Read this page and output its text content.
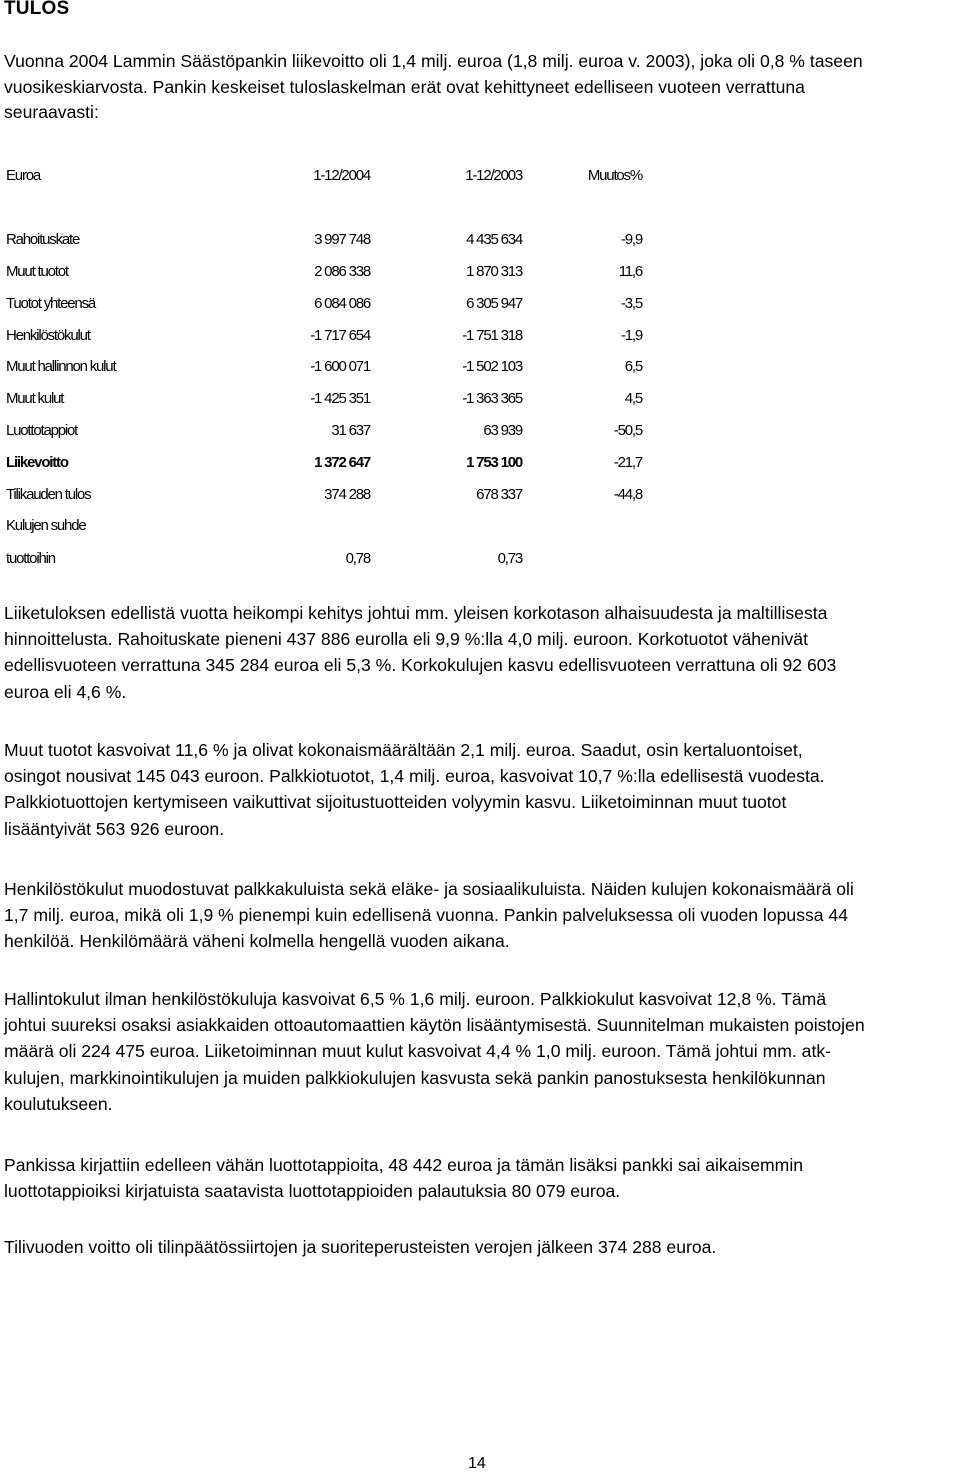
TULOS
Vuonna 2004 Lammin Säästöpankin liikevoitto oli 1,4 milj. euroa (1,8 milj. euroa v. 2003), joka oli 0,8 % taseen
vuosikeskiarvosta. Pankin keskeiset tuloslaskelman erät ovat kehittyneet edelliseen vuoteen verrattuna
seuraavasti:
Euroa	1-12/2004	1-12/2003	Muutos%
Rahoituskate	3 997 748	4 435 634	-9,9
Muut tuotot	2 086 338	1 870 313	11,6
Tuotot yhteensä	6 084 086	6 305 947	-3,5
Henkilöstökulut	-1 717 654	-1 751 318	-1,9
Muut hallinnon kulut	-1 600 071	-1 502 103	6,5
Muut kulut	-1 425 351	-1 363 365	4,5
Luottotappiot	31 637	63 939	-50,5
Liikevoitto	1 372 647	1 753 100	-21,7
Tilikauden tulos	374 288	678 337	-44,8
Kulujen suhde
tuottoihin	0,78	0,73
Liiketuloksen edellistä vuotta heikompi kehitys johtui mm. yleisen korkotason alhaisuudesta ja maltillisesta
hinnoittelusta. Rahoituskate pieneni 437 886 eurolla eli 9,9 %:lla 4,0 milj. euroon. Korkotuotot vähenivät
edellisvuoteen verrattuna 345 284 euroa eli 5,3 %. Korkokulujen kasvu edellisvuoteen verrattuna oli 92 603
euroa eli 4,6 %.
Muut tuotot kasvoivat 11,6 % ja olivat kokonaismäärältään 2,1 milj. euroa. Saadut, osin kertaluontoiset,
osingot nousivat 145 043 euroon. Palkkiotuotot, 1,4 milj. euroa, kasvoivat 10,7 %:lla edellisestä vuodesta.
Palkkiotuottojen kertymiseen vaikuttivat sijoitustuotteiden volyymin kasvu. Liiketoiminnan muut tuotot
lisääntyivät 563 926 euroon.
Henkilöstökulut muodostuvat palkkakuluista sekä eläke- ja sosiaalikuluista. Näiden kulujen kokonaismäärä oli
1,7 milj. euroa, mikä oli 1,9 % pienempi kuin edellisenä vuonna. Pankin palveluksessa oli vuoden lopussa 44
henkilöä. Henkilömäärä väheni kolmella hengellä vuoden aikana.
Hallintokulut ilman henkilöstökuluja kasvoivat 6,5 % 1,6 milj. euroon. Palkkiokulut kasvoivat 12,8 %. Tämä
johtui suureksi osaksi asiakkaiden ottoautomaattien käytön lisääntymisestä. Suunnitelman mukaisten poistojen
määrä oli 224 475 euroa. Liiketoiminnan muut kulut kasvoivat 4,4 % 1,0 milj. euroon. Tämä johtui mm. atk-
kulujen, markkinointikulujen ja muiden palkkiokulujen kasvusta sekä pankin panostuksesta henkilökunnan
koulutukseen.
Pankissa kirjattiin edelleen vähän luottotappioita, 48 442 euroa ja tämän lisäksi pankki sai aikaisemmin
luottotappioiksi kirjatuista saatavista luottotappioiden palautuksia 80 079 euroa.
Tilivuoden voitto oli tilinpäätössiirtojen ja suoriteperusteisten verojen jälkeen 374 288 euroa.
14
